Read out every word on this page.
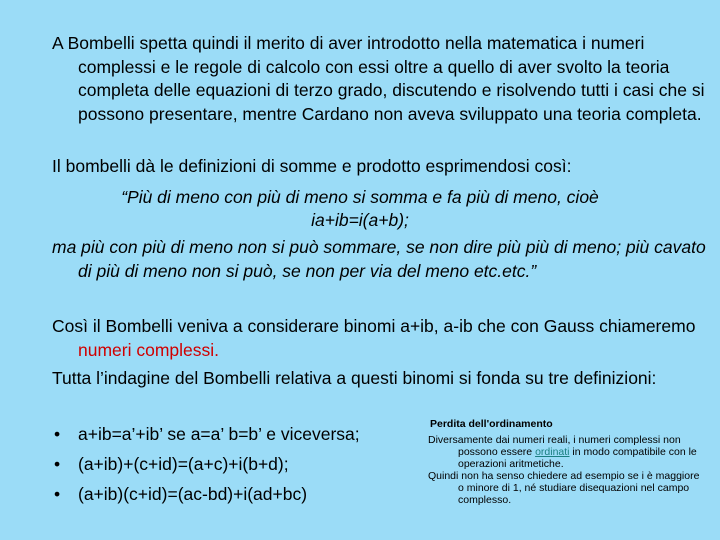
A Bombelli spetta quindi il merito di aver introdotto nella matematica i numeri complessi e le regole di calcolo con essi oltre a quello di aver svolto la teoria completa delle equazioni di terzo grado, discutendo e risolvendo tutti i casi che si possono presentare, mentre Cardano non aveva sviluppato una teoria completa.
Il bombelli dà le definizioni di somme e prodotto esprimendosi così:
“Più di meno con più di meno si somma e fa più di meno, cioè
ia+ib=i(a+b);
ma più con più di meno non si può sommare, se non dire più più di meno; più cavato di più di meno non si può, se non per via del meno etc.etc.”
Così il Bombelli veniva a considerare binomi a+ib, a-ib che con Gauss chiameremo numeri complessi.
Tutta l’indagine del Bombelli relativa a questi binomi si fonda su tre definizioni:
• a+ib=a’+ib’ se a=a’ b=b’ e viceversa;
• (a+ib)+(c+id)=(a+c)+i(b+d);
• (a+ib)(c+id)=(ac-bd)+i(ad+bc)
Perdita dell'ordinamento
Diversamente dai numeri reali, i numeri complessi non possono essere ordinati in modo compatibile con le operazioni aritmetiche.
Quindi non ha senso chiedere ad esempio se i è maggiore o minore di 1, né studiare disequazioni nel campo complesso.
